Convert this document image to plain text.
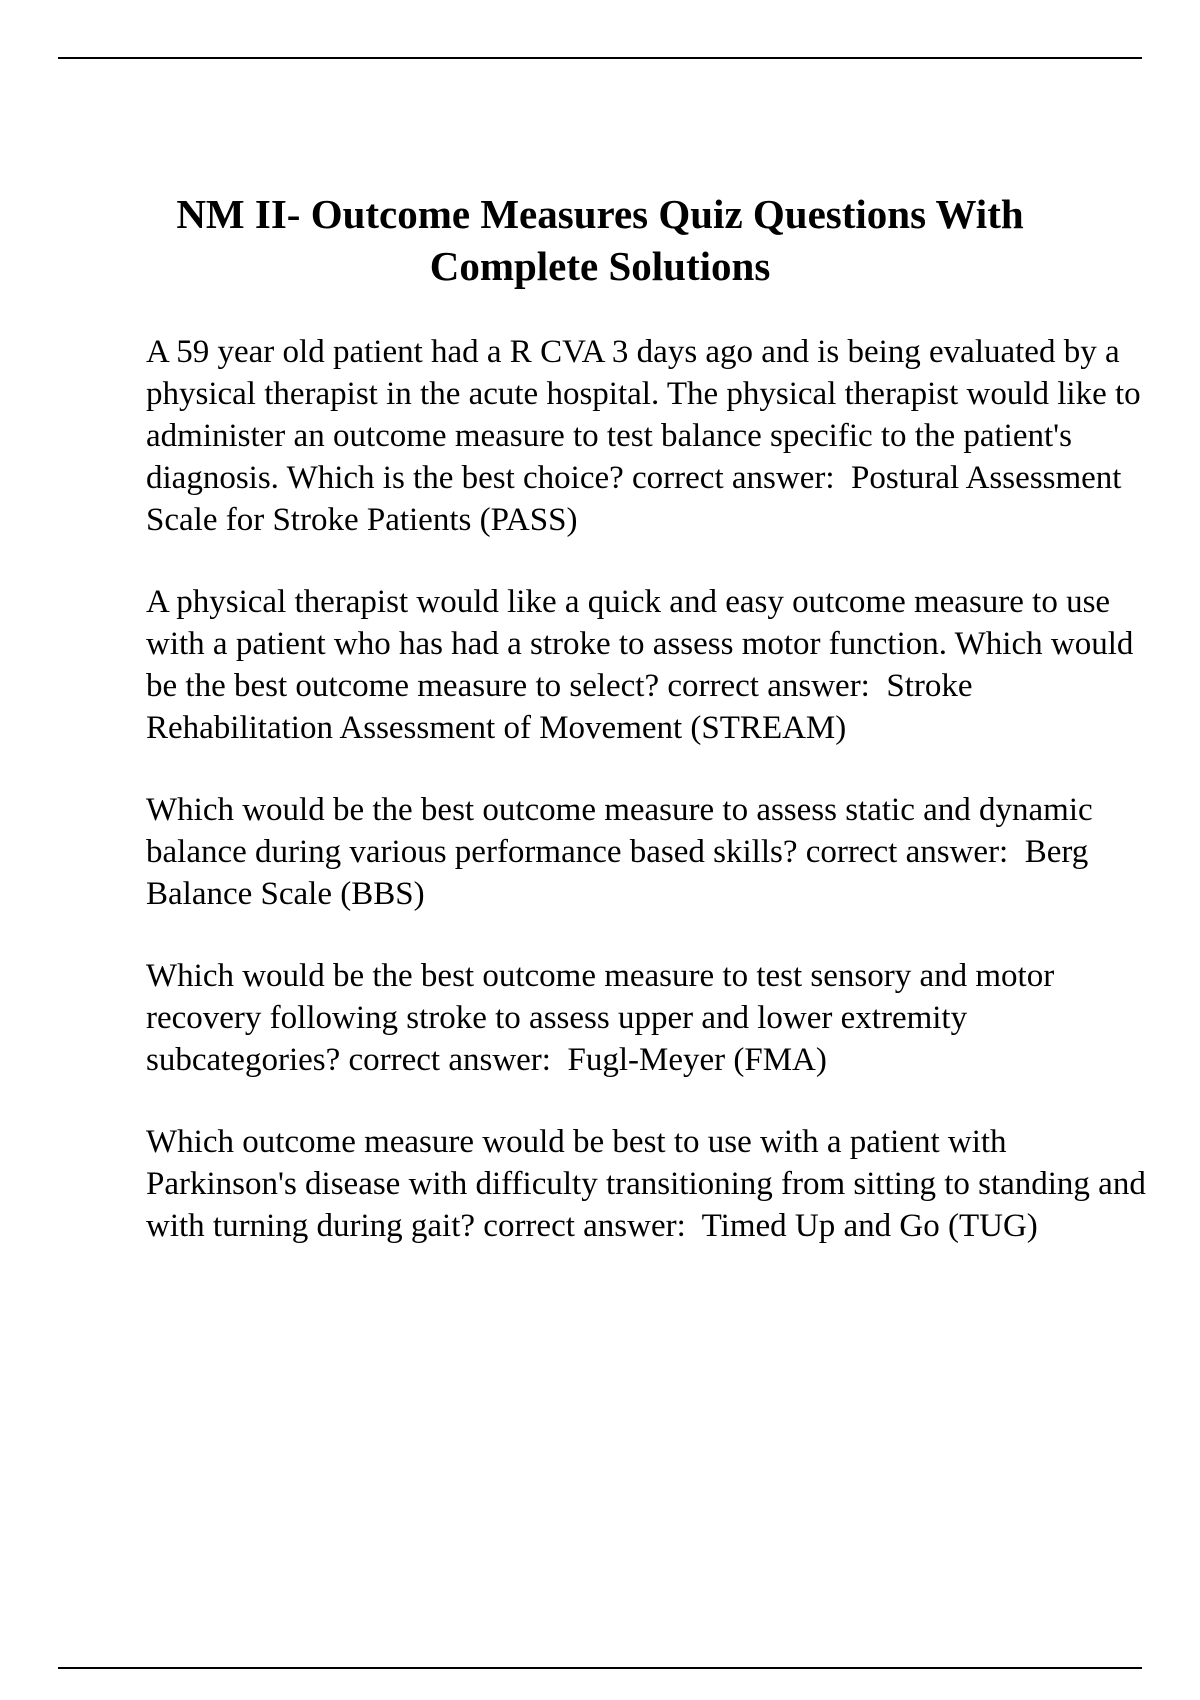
NM II- Outcome Measures Quiz Questions With Complete Solutions

A 59 year old patient had a R CVA 3 days ago and is being evaluated by a physical therapist in the acute hospital. The physical therapist would like to administer an outcome measure to test balance specific to the patient's diagnosis. Which is the best choice? correct answer: Postural Assessment Scale for Stroke Patients (PASS)

A physical therapist would like a quick and easy outcome measure to use with a patient who has had a stroke to assess motor function. Which would be the best outcome measure to select? correct answer: Stroke Rehabilitation Assessment of Movement (STREAM)

Which would be the best outcome measure to assess static and dynamic balance during various performance based skills? correct answer: Berg Balance Scale (BBS)

Which would be the best outcome measure to test sensory and motor recovery following stroke to assess upper and lower extremity subcategories? correct answer: Fugl-Meyer (FMA)

Which outcome measure would be best to use with a patient with Parkinson's disease with difficulty transitioning from sitting to standing and with turning during gait? correct answer: Timed Up and Go (TUG)
